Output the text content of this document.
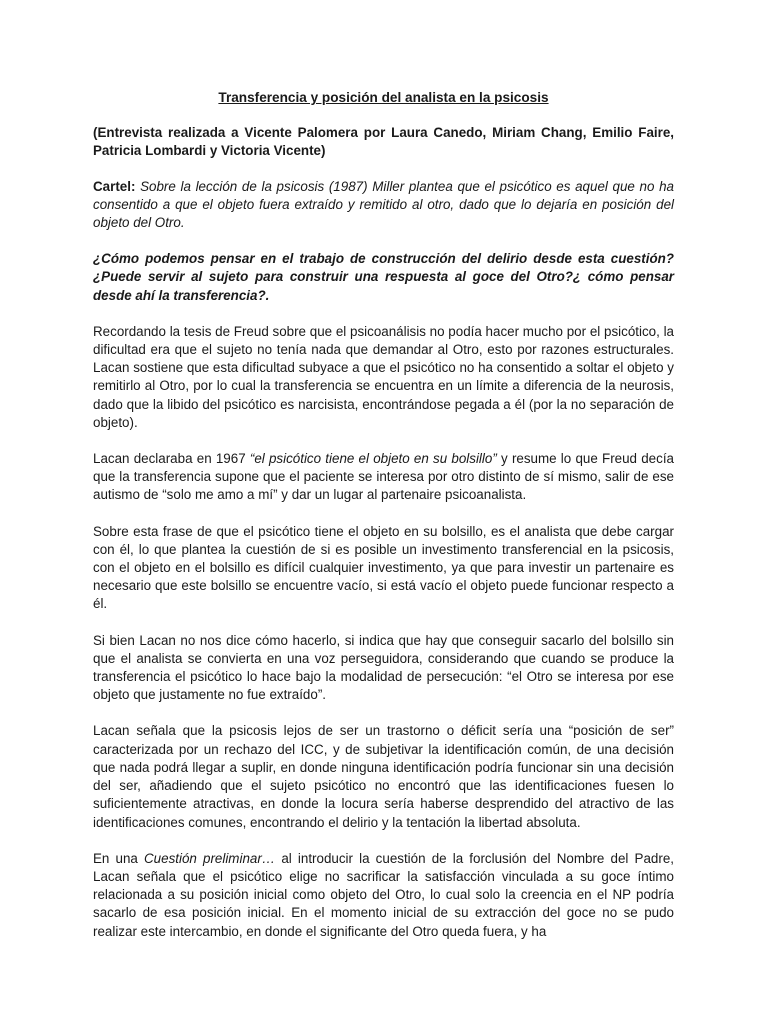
Transferencia y posición del analista en la psicosis
(Entrevista realizada a Vicente Palomera por Laura Canedo, Miriam Chang, Emilio Faire, Patricia Lombardi y Victoria Vicente)

Cartel: Sobre la lección de la psicosis (1987) Miller plantea que el psicótico es aquel que no ha consentido a que el objeto fuera extraído y remitido al otro, dado que lo dejaría en posición del objeto del Otro.

¿Cómo podemos pensar en el trabajo de construcción del delirio desde esta cuestión? ¿Puede servir al sujeto para construir una respuesta al goce del Otro?¿ cómo pensar desde ahí la transferencia?.

Recordando la tesis de Freud sobre que el psicoanálisis no podía hacer mucho por el psicótico, la dificultad era que el sujeto no tenía nada que demandar al Otro, esto por razones estructurales. Lacan sostiene que esta dificultad subyace a que el psicótico no ha consentido a soltar el objeto y remitirlo al Otro, por lo cual la transferencia se encuentra en un límite a diferencia de la neurosis, dado que la libido del psicótico es narcisista, encontrándose pegada a él (por la no separación de objeto).

Lacan declaraba en 1967 “el psicótico tiene el objeto en su bolsillo” y resume lo que Freud decía que la transferencia supone que el paciente se interesa por otro distinto de sí mismo, salir de ese autismo de “solo me amo a mí” y dar un lugar al partenaire psicoanalista.

Sobre esta frase de que el psicótico tiene el objeto en su bolsillo, es el analista que debe cargar con él, lo que plantea la cuestión de si es posible un investimento transferencial en la psicosis, con el objeto en el bolsillo es difícil cualquier investimento, ya que para investir un partenaire es necesario que este bolsillo se encuentre vacío, si está vacío el objeto puede funcionar respecto a él.

Si bien Lacan no nos dice cómo hacerlo, si indica que hay que conseguir sacarlo del bolsillo sin que el analista se convierta en una voz perseguidora, considerando que cuando se produce la transferencia el psicótico lo hace bajo la modalidad de persecución: “el Otro se interesa por ese objeto que justamente no fue extraído”.

Lacan señala que la psicosis lejos de ser un trastorno o déficit sería una “posición de ser” caracterizada por un rechazo del ICC, y de subjetivar la identificación común, de una decisión que nada podrá llegar a suplir, en donde ninguna identificación podría funcionar sin una decisión del ser, añadiendo que el sujeto psicótico no encontró que las identificaciones fuesen lo suficientemente atractivas, en donde la locura sería haberse desprendido del atractivo de las identificaciones comunes, encontrando el delirio y la tentación la libertad absoluta.

En una Cuestión preliminar… al introducir la cuestión de la forclusión del Nombre del Padre, Lacan señala que el psicótico elige no sacrificar la satisfacción vinculada a su goce íntimo relacionada a su posición inicial como objeto del Otro, lo cual solo la creencia en el NP podría sacarlo de esa posición inicial. En el momento inicial de su extracción del goce no se pudo realizar este intercambio, en donde el significante del Otro queda fuera, y ha
